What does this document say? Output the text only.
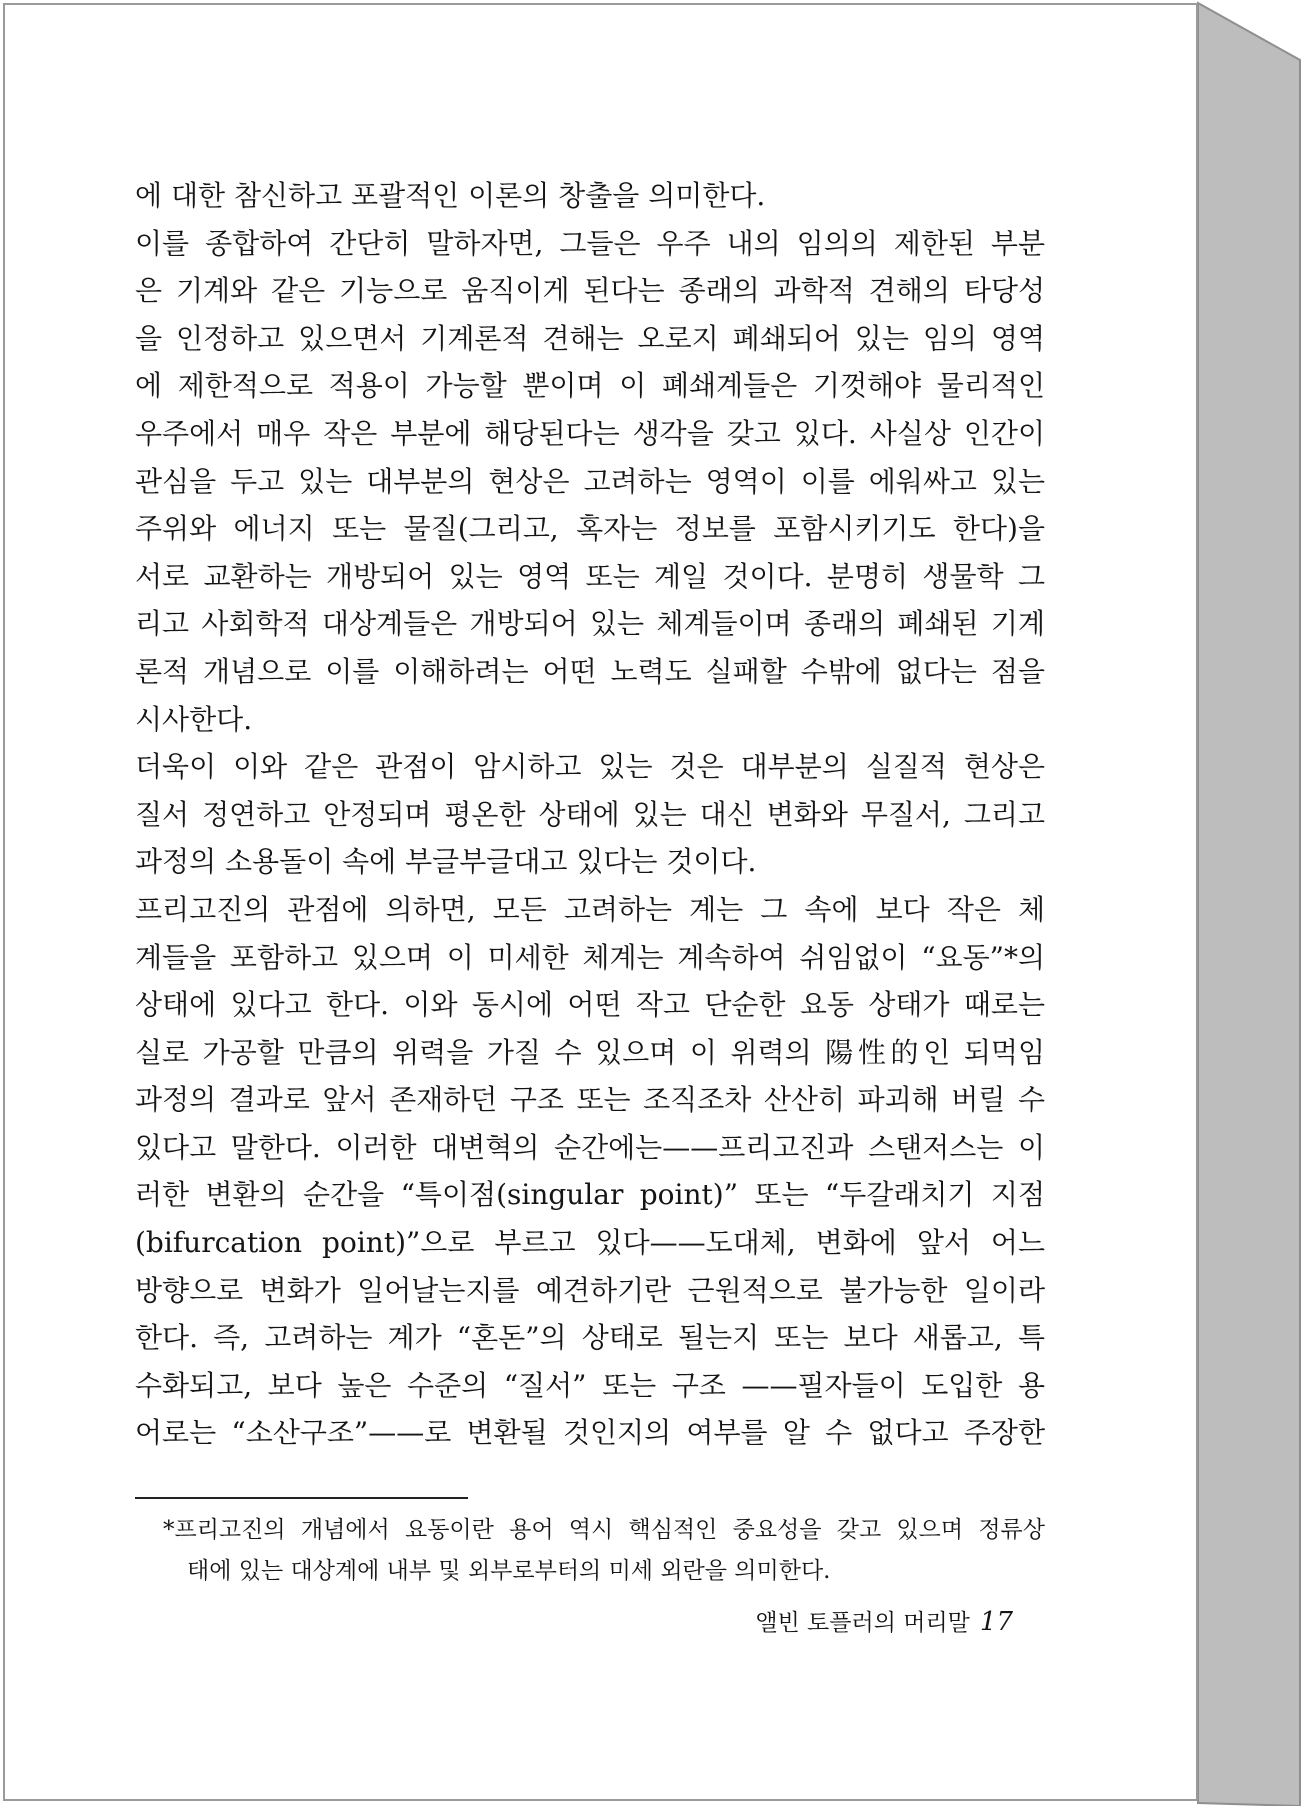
에 대한 참신하고 포괄적인 이론의 창출을 의미한다.
이를 종합하여 간단히 말하자면, 그들은 우주 내의 임의의 제한된 부분
은 기계와 같은 기능으로 움직이게 된다는 종래의 과학적 견해의 타당성
을 인정하고 있으면서 기계론적 견해는 오로지 폐쇄되어 있는 임의 영역
에 제한적으로 적용이 가능할 뿐이며 이 폐쇄계들은 기껏해야 물리적인
우주에서 매우 작은 부분에 해당된다는 생각을 갖고 있다. 사실상 인간이
관심을 두고 있는 대부분의 현상은 고려하는 영역이 이를 에워싸고 있는
주위와 에너지 또는 물질(그리고, 혹자는 정보를 포함시키기도 한다)을
서로 교환하는 개방되어 있는 영역 또는 계일 것이다. 분명히 생물학 그
리고 사회학적 대상계들은 개방되어 있는 체계들이며 종래의 폐쇄된 기계
론적 개념으로 이를 이해하려는 어떤 노력도 실패할 수밖에 없다는 점을
시사한다.
더욱이 이와 같은 관점이 암시하고 있는 것은 대부분의 실질적 현상은
질서 정연하고 안정되며 평온한 상태에 있는 대신 변화와 무질서, 그리고
과정의 소용돌이 속에 부글부글대고 있다는 것이다.
프리고진의 관점에 의하면, 모든 고려하는 계는 그 속에 보다 작은 체
계들을 포함하고 있으며 이 미세한 체계는 계속하여 쉬임없이 “요동”*의
상태에 있다고 한다. 이와 동시에 어떤 작고 단순한 요동 상태가 때로는
실로 가공할 만큼의 위력을 가질 수 있으며 이 위력의 陽性的인 되먹임
과정의 결과로 앞서 존재하던 구조 또는 조직조차 산산히 파괴해 버릴 수
있다고 말한다. 이러한 대변혁의 순간에는——프리고진과 스탠저스는 이
러한 변환의 순간을 “특이점(singular point)” 또는 “두갈래치기 지점
(bifurcation point)”으로 부르고 있다——도대체, 변화에 앞서 어느
방향으로 변화가 일어날는지를 예견하기란 근원적으로 불가능한 일이라
한다. 즉, 고려하는 계가 “혼돈”의 상태로 될는지 또는 보다 새롭고, 특
수화되고, 보다 높은 수준의 “질서” 또는 구조 ——필자들이 도입한 용
어로는 “소산구조”——로 변환될 것인지의 여부를 알 수 없다고 주장한
*프리고진의 개념에서 요동이란 용어 역시 핵심적인 중요성을 갖고 있으며 정류상
태에 있는 대상계에 내부 및 외부로부터의 미세 외란을 의미한다.
앨빈 토플러의 머리말 17
